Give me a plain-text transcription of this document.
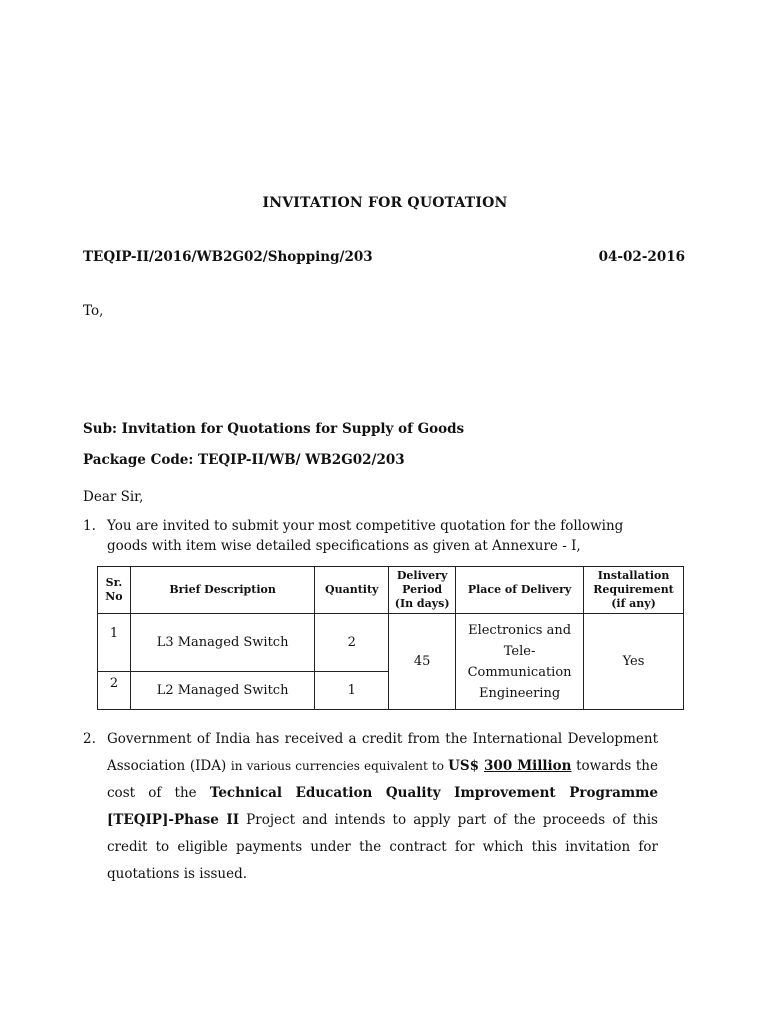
INVITATION FOR QUOTATION
TEQIP-II/2016/WB2G02/Shopping/203	04-02-2016
To,
Sub: Invitation for Quotations for Supply of Goods
Package Code: TEQIP-II/WB/ WB2G02/203
Dear Sir,
1. You are invited to submit your most competitive quotation for the following goods with item wise detailed specifications as given at Annexure - I,
Sr. No	Brief Description	Quantity	Delivery Period (In days)	Place of Delivery	Installation Requirement (if any)
1	L3 Managed Switch	2	45	Electronics and Tele-Communication Engineering	Yes
2	L2 Managed Switch	1			
2. Government of India has received a credit from the International Development Association (IDA) in various currencies equivalent to US$ 300 Million towards the cost of the Technical Education Quality Improvement Programme [TEQIP]-Phase II Project and intends to apply part of the proceeds of this credit to eligible payments under the contract for which this invitation for quotations is issued.
